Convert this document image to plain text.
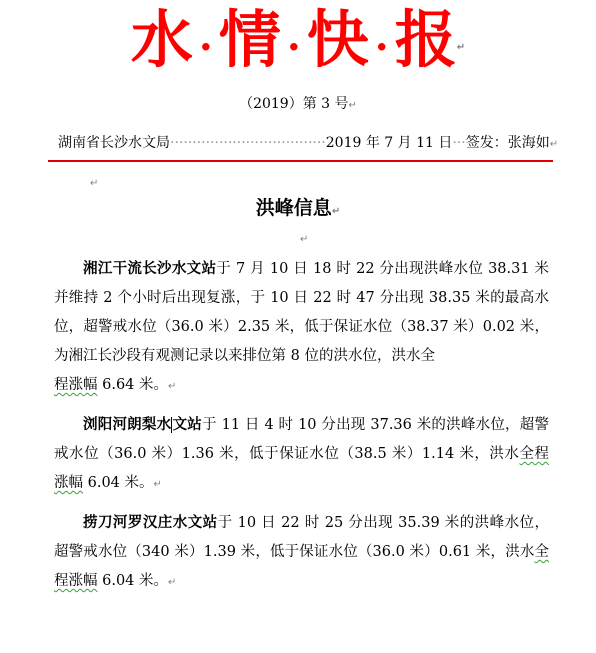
水 ·情 ·快 ·报↵
（2019）第 3 号↵
湖南省长沙水文局···································2019 年 7 月 11 日···签发：张海如↵
↵
洪峰信息↵
↵

湘江干流长沙水文站于 7 月 10 日 18 时 22 分出现洪峰水位 38.31 米并维持 2 个小时后出现复涨，于 10 日 22 时 47 分出现 38.35 米的最高水位，超警戒水位（36.0 米）2.35 米，低于保证水位（38.37 米）0.02 米，为湘江长沙段有观测记录以来排位第 8 位的洪水位，洪水全
程涨幅 6.64 米。↵

浏阳河朗梨水文站于 11 日 4 时 10 分出现 37.36 米的洪峰水位，超警戒水位（36.0 米）1.36 米，低于保证水位（38.5 米）1.14 米，洪水全程涨幅 6.04 米。↵

捞刀河罗汉庄水文站于 10 日 22 时 25 分出现 35.39 米的洪峰水位，超警戒水位（340 米）1.39 米，低于保证水位（36.0 米）0.61 米，洪水全程涨幅 6.04 米。↵
